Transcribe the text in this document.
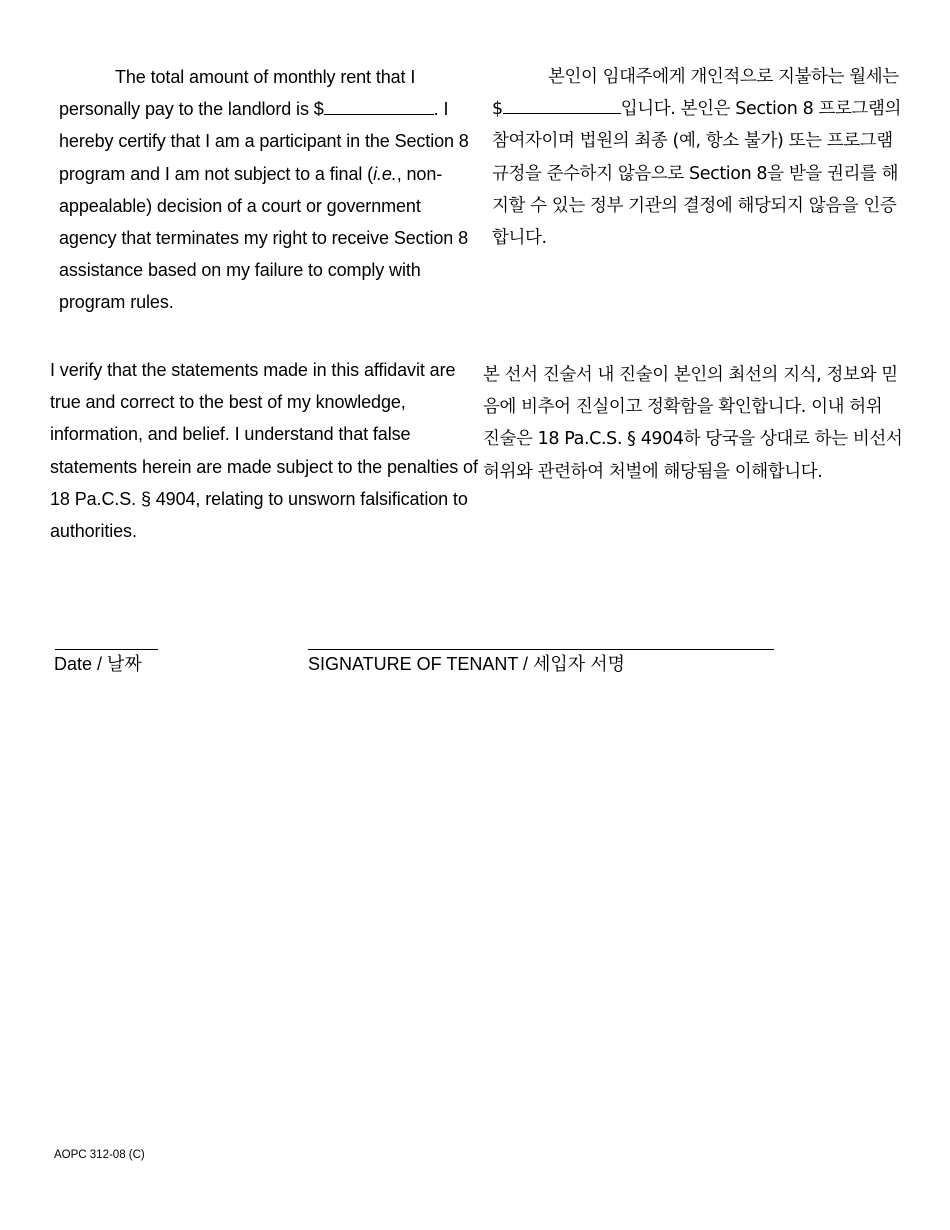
The total amount of monthly rent that I personally pay to the landlord is $	. I hereby certify that I am a participant in the Section 8 program and I am not subject to a final (i.e., non-appealable) decision of a court or government agency that terminates my right to receive Section 8 assistance based on my failure to comply with program rules.

본인이 임대주에게 개인적으로 지불하는 월세는 $	입니다. 본인은 Section 8 프로그램의 참여자이며 법원의 최종 (예, 항소 불가) 또는 프로그램 규정을 준수하지 않음으로 Section 8을 받을 권리를 해지할 수 있는 정부 기관의 결정에 해당되지 않음을 인증합니다.

I verify that the statements made in this affidavit are true and correct to the best of my knowledge, information, and belief. I understand that false statements herein are made subject to the penalties of 18 Pa.C.S. § 4904, relating to unsworn falsification to authorities.

본 선서 진술서 내 진술이 본인의 최선의 지식, 정보와 믿음에 비추어 진실이고 정확함을 확인합니다. 이내 허위 진술은 18 Pa.C.S. § 4904하 당국을 상대로 하는 비선서 허위와 관련하여 처벌에 해당됨을 이해합니다.

Date / 날짜	SIGNATURE OF TENANT / 세입자 서명
AOPC 312-08 (C)
